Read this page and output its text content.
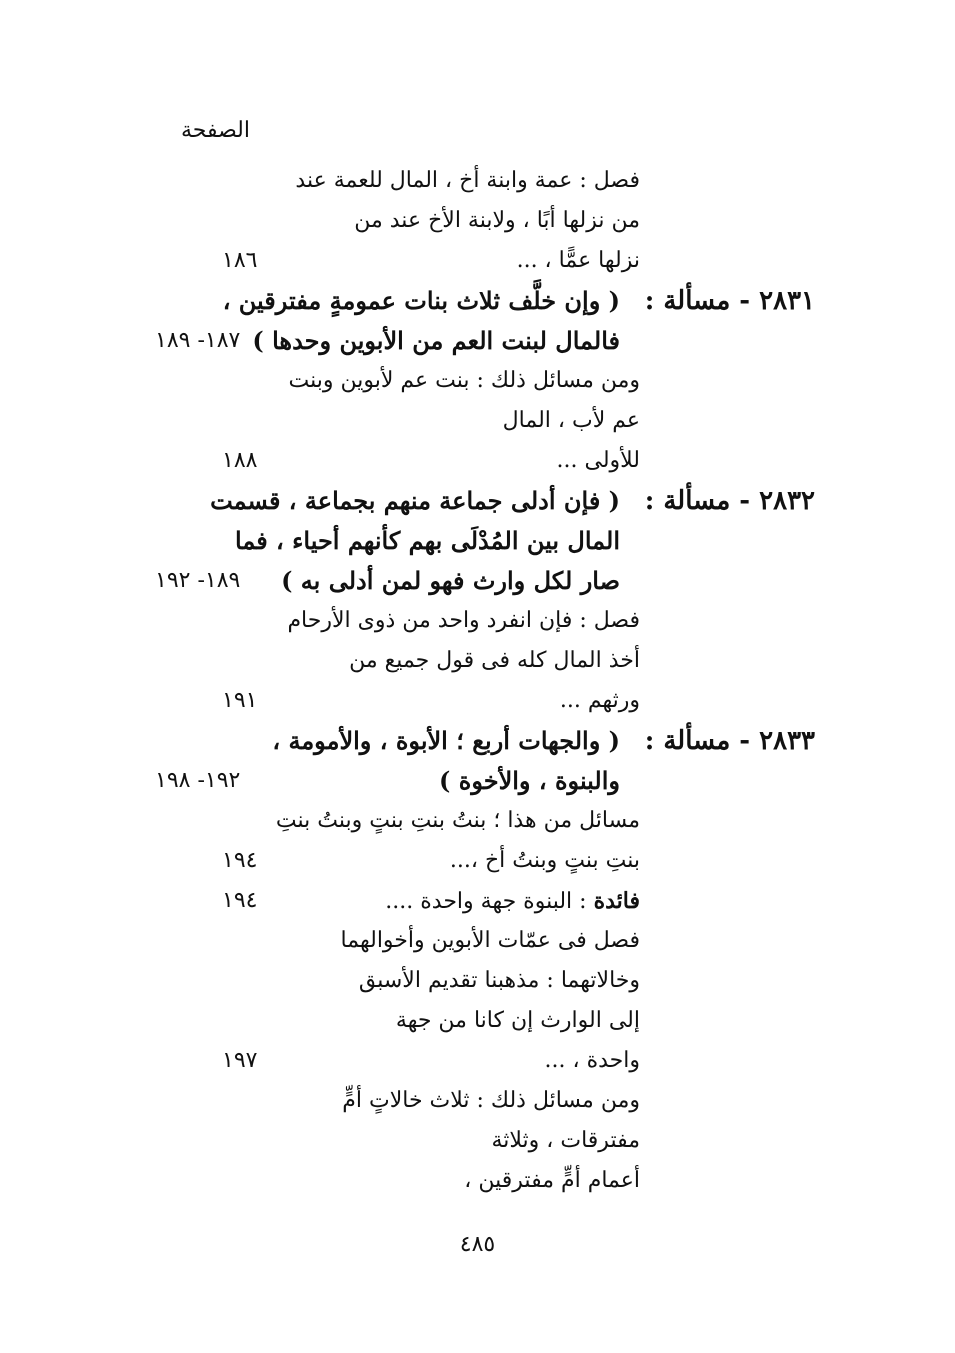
الصفحة
فصل : عمة وابنة أخ ، المال للعمة عند
من نزلها أبًا ، ولابنة الأخ عند من
نزلها عمًّا ، ...
١٨٦
٢٨٣١ - مسألة :
( وإن خلَّف ثلاث بنات عمومةٍ مفترقين ،
فالمال لبنت العم من الأبوين وحدها )
١٨٧- ١٨٩
ومن مسائل ذلك : بنت عم لأبوين وبنت
عم لأب ، المال
للأولى ...
١٨٨
٢٨٣٢ - مسألة :
( فإن أدلى جماعة منهم بجماعة ، قسمت
المال بين المُدْلَى بهم كأنهم أحياء ، فما
صار لكل وارث فهو لمن أدلى به )
١٨٩- ١٩٢
فصل : فإن انفرد واحد من ذوى الأرحام
أخذ المال كله فى قول جميع من
ورثهم ...
١٩١
٢٨٣٣ - مسألة :
( والجهات أربع ؛ الأبوة ، والأمومة ،
والبنوة ، والأخوة )
١٩٢- ١٩٨
مسائل من هذا ؛ بنتُ بنتِ بنتٍ وبنتُ بنتِ
بنتِ بنتٍ وبنتُ أخ ،...
١٩٤
فائدة : البنوة جهة واحدة ....
١٩٤
فصل فى عمّات الأبوين وأخوالهما
وخالاتهما : مذهبنا تقديم الأسبق
إلى الوارث إن كانا من جهة
واحدة ، ...
١٩٧
ومن مسائل ذلك : ثلاث خالاتٍ أمٍّ
مفترقات ، وثلاثة
أعمام أمٍّ مفترقين ،
٤٨٥
